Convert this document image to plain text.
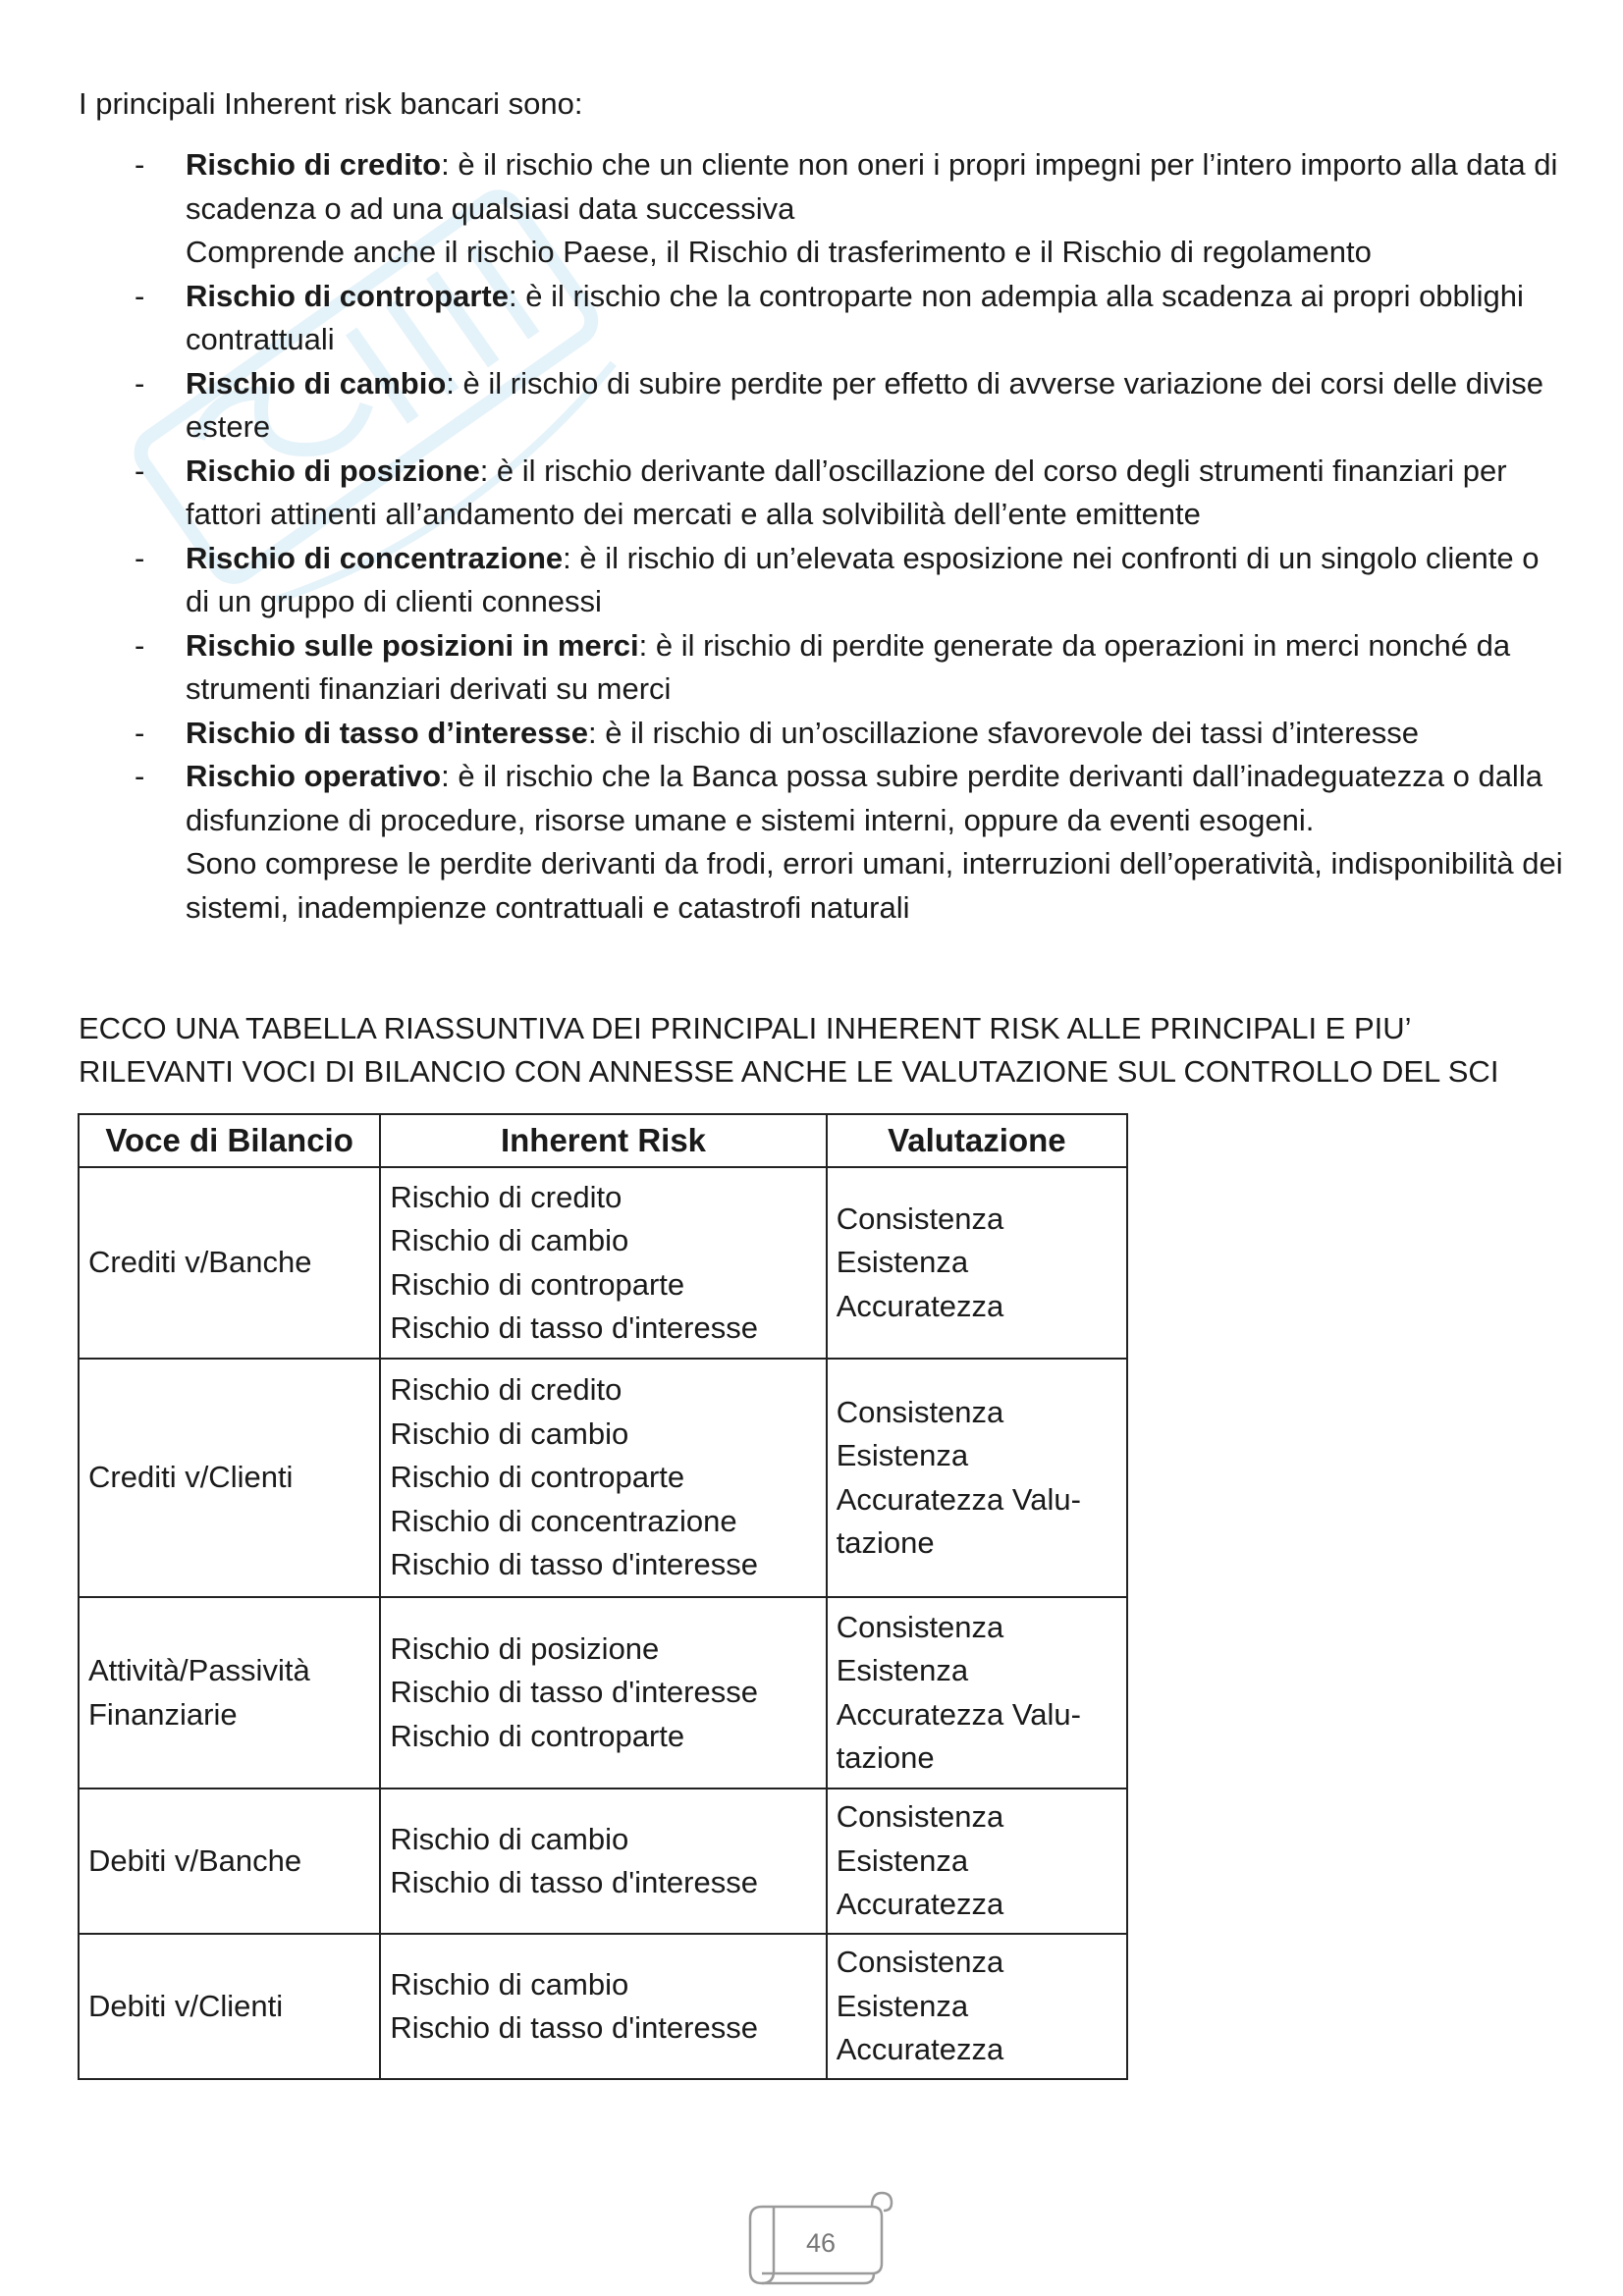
I principali Inherent risk bancari sono:

- Rischio di credito: è il rischio che un cliente non oneri i propri impegni per l’intero importo alla data di scadenza o ad una qualsiasi data successiva
Comprende anche il rischio Paese, il Rischio di trasferimento e il Rischio di regolamento
- Rischio di controparte: è il rischio che la controparte non adempia alla scadenza ai propri obblighi contrattuali
- Rischio di cambio: è il rischio di subire perdite per effetto di avverse variazione dei corsi delle divise estere
- Rischio di posizione: è il rischio derivante dall’oscillazione del corso degli strumenti finanziari per fattori attinenti all’andamento dei mercati e alla solvibilità dell’ente emittente
- Rischio di concentrazione: è il rischio di un’elevata esposizione nei confronti di un singolo cliente o di un gruppo di clienti connessi
- Rischio sulle posizioni in merci: è il rischio di perdite generate da operazioni in merci nonché da strumenti finanziari derivati su merci
- Rischio di tasso d’interesse: è il rischio di un’oscillazione sfavorevole dei tassi d’interesse
- Rischio operativo: è il rischio che la Banca possa subire perdite derivanti dall’inadeguatezza o dalla disfunzione di procedure, risorse umane e sistemi interni, oppure da eventi esogeni.
Sono comprese le perdite derivanti da frodi, errori umani, interruzioni dell’operatività, indisponibilità dei sistemi, inadempienze contrattuali e catastrofi naturali
ECCO UNA TABELLA RIASSUNTIVA DEI PRINCIPALI INHERENT RISK ALLE PRINCIPALI E PIU’ RILEVANTI VOCI DI BILANCIO CON ANNESSE ANCHE LE VALUTAZIONE SUL CONTROLLO DEL SCI
Voce di Bilancio	Inherent Risk	Valutazione

Crediti v/Banche	Rischio di credito
Rischio di cambio
Rischio di controparte
Rischio di tasso d'interesse	Consistenza
Esistenza
Accuratezza

Crediti v/Clienti	Rischio di credito
Rischio di cambio
Rischio di controparte
Rischio di concentrazione
Rischio di tasso d'interesse	Consistenza
Esistenza
Accuratezza Valu-
tazione

Attività/Passività
Finanziarie	Rischio di posizione
Rischio di tasso d'interesse
Rischio di controparte	Consistenza
Esistenza
Accuratezza Valu-
tazione

Debiti v/Banche	Rischio di cambio
Rischio di tasso d'interesse	Consistenza
Esistenza
Accuratezza

Debiti v/Clienti	Rischio di cambio
Rischio di tasso d'interesse	Consistenza
Esistenza
Accuratezza
46
